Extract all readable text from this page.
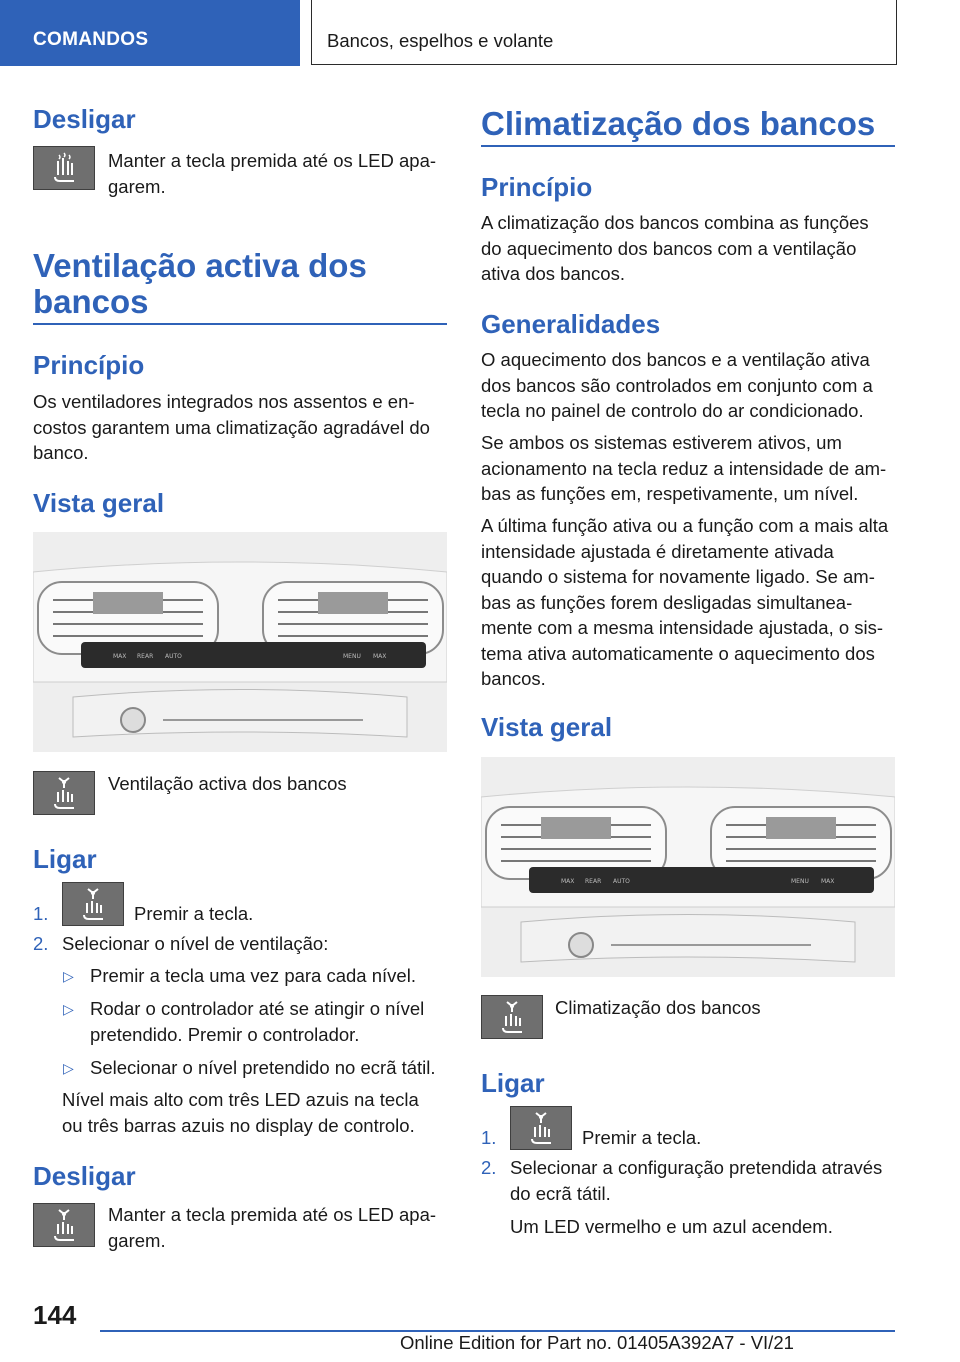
COMANDOS	Bancos, espelhos e volante
Desligar

Manter a tecla premida até os LED apa-
garem.

Ventilação activa dos
bancos
Princípio

Os ventiladores integrados nos assentos e en-
costos garantem uma climatização agradável do
banco.

Vista geral
MAX REAR AUTO	MENU MAX

Ventilação activa dos bancos

Ligar
1.	Premir a tecla.

2. Selecionar o nível de ventilação:

▷ Premir a tecla uma vez para cada nível.

▷ Rodar o controlador até se atingir o nível
pretendido. Premir o controlador.

▷ Selecionar o nível pretendido no ecrã tátil.

Nível mais alto com três LED azuis na tecla
ou três barras azuis no display de controlo.

Desligar

Manter a tecla premida até os LED apa-
garem.

Climatização dos bancos
Princípio

A climatização dos bancos combina as funções
do aquecimento dos bancos com a ventilação
ativa dos bancos.

Generalidades

O aquecimento dos bancos e a ventilação ativa
dos bancos são controlados em conjunto com a
tecla no painel de controlo do ar condicionado.

Se ambos os sistemas estiverem ativos, um
acionamento na tecla reduz a intensidade de am-
bas as funções em, respetivamente, um nível.

A última função ativa ou a função com a mais alta
intensidade ajustada é diretamente ativada
quando o sistema for novamente ligado. Se am-
bas as funções forem desligadas simultanea-
mente com a mesma intensidade ajustada, o sis-
tema ativa automaticamente o aquecimento dos
bancos.

Vista geral
MAX REAR AUTO	MENU MAX

Climatização dos bancos

Ligar
1.	Premir a tecla.

2. Selecionar a configuração pretendida através
do ecrã tátil.

Um LED vermelho e um azul acendem.

144
Online Edition for Part no. 01405A392A7 - VI/21
